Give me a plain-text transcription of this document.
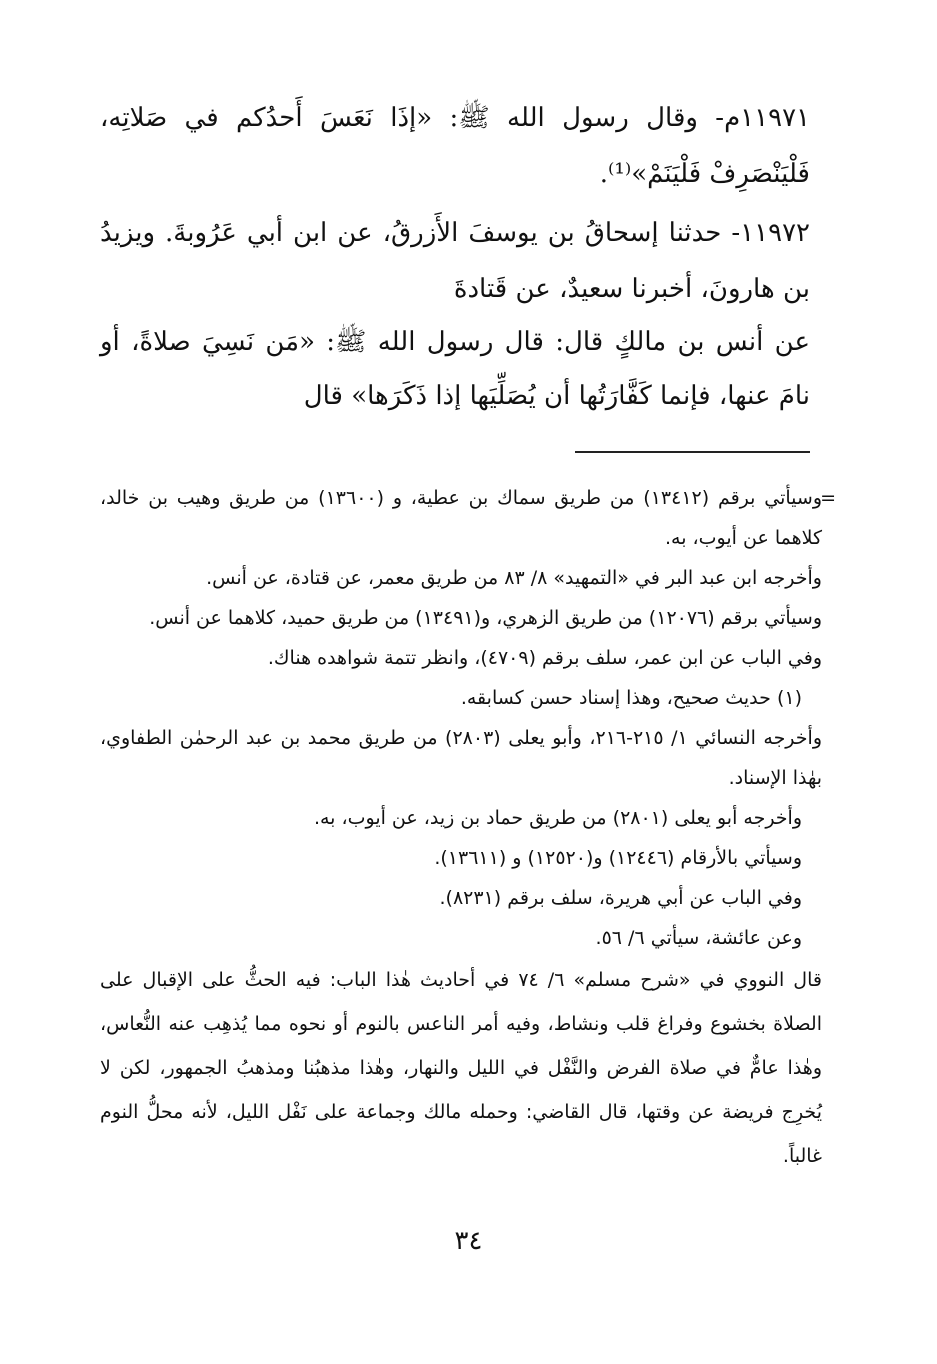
١١٩٧١م- وقال رسول الله ﷺ: «إذَا نَعَسَ أَحدُكم في صَلاتِه، فَلْيَنْصَرِفْ فَلْيَنَمْ»⁽¹⁾.

١١٩٧٢- حدثنا إسحاقُ بن يوسفَ الأَزرقُ، عن ابن أبي عَرُوبةَ. ويزيدُ بن هارونَ، أخبرنا سعيدٌ، عن قَتادةَ

عن أنس بن مالكٍ قال: قال رسول الله ﷺ: «مَن نَسِيَ صلاةً، أو نامَ عنها، فإنما كَفَّارَتُها أن يُصَلِّيَها إذا ذَكَرَها» قال

=
وسيأتي برقم (١٣٤١٢) من طريق سماك بن عطية، و (١٣٦٠٠) من طريق وهيب بن خالد، كلاهما عن أيوب، به.

وأخرجه ابن عبد البر في «التمهيد» ٨/ ٨٣ من طريق معمر، عن قتادة، عن أنس.

وسيأتي برقم (١٢٠٧٦) من طريق الزهري، و(١٣٤٩١) من طريق حميد، كلاهما عن أنس.

وفي الباب عن ابن عمر، سلف برقم (٤٧٠٩)، وانظر تتمة شواهده هناك.

(١) حديث صحيح، وهذا إسناد حسن كسابقه.

وأخرجه النسائي ١/ ٢١٥-٢١٦، وأبو يعلى (٢٨٠٣) من طريق محمد بن عبد الرحمٰن الطفاوي، بهٰذا الإسناد.

وأخرجه أبو يعلى (٢٨٠١) من طريق حماد بن زيد، عن أيوب، به.

وسيأتي بالأرقام (١٢٤٤٦) و(١٢٥٢٠) و (١٣٦١١).

وفي الباب عن أبي هريرة، سلف برقم (٨٢٣١).

وعن عائشة، سيأتي ٦/ ٥٦.

قال النووي في «شرح مسلم» ٦/ ٧٤ في أحاديث هٰذا الباب: فيه الحثُّ على الإقبال على الصلاة بخشوع وفراغ قلب ونشاط، وفيه أمر الناعس بالنوم أو نحوه مما يُذهِب عنه النُّعاس، وهٰذا عامٌّ في صلاة الفرض والنَّفْل في الليل والنهار، وهٰذا مذهبُنا ومذهبُ الجمهور، لكن لا يُخرِج فريضة عن وقتها، قال القاضي: وحمله مالك وجماعة على نَفْل الليل، لأنه محلُّ النوم غالباً.

٣٤
